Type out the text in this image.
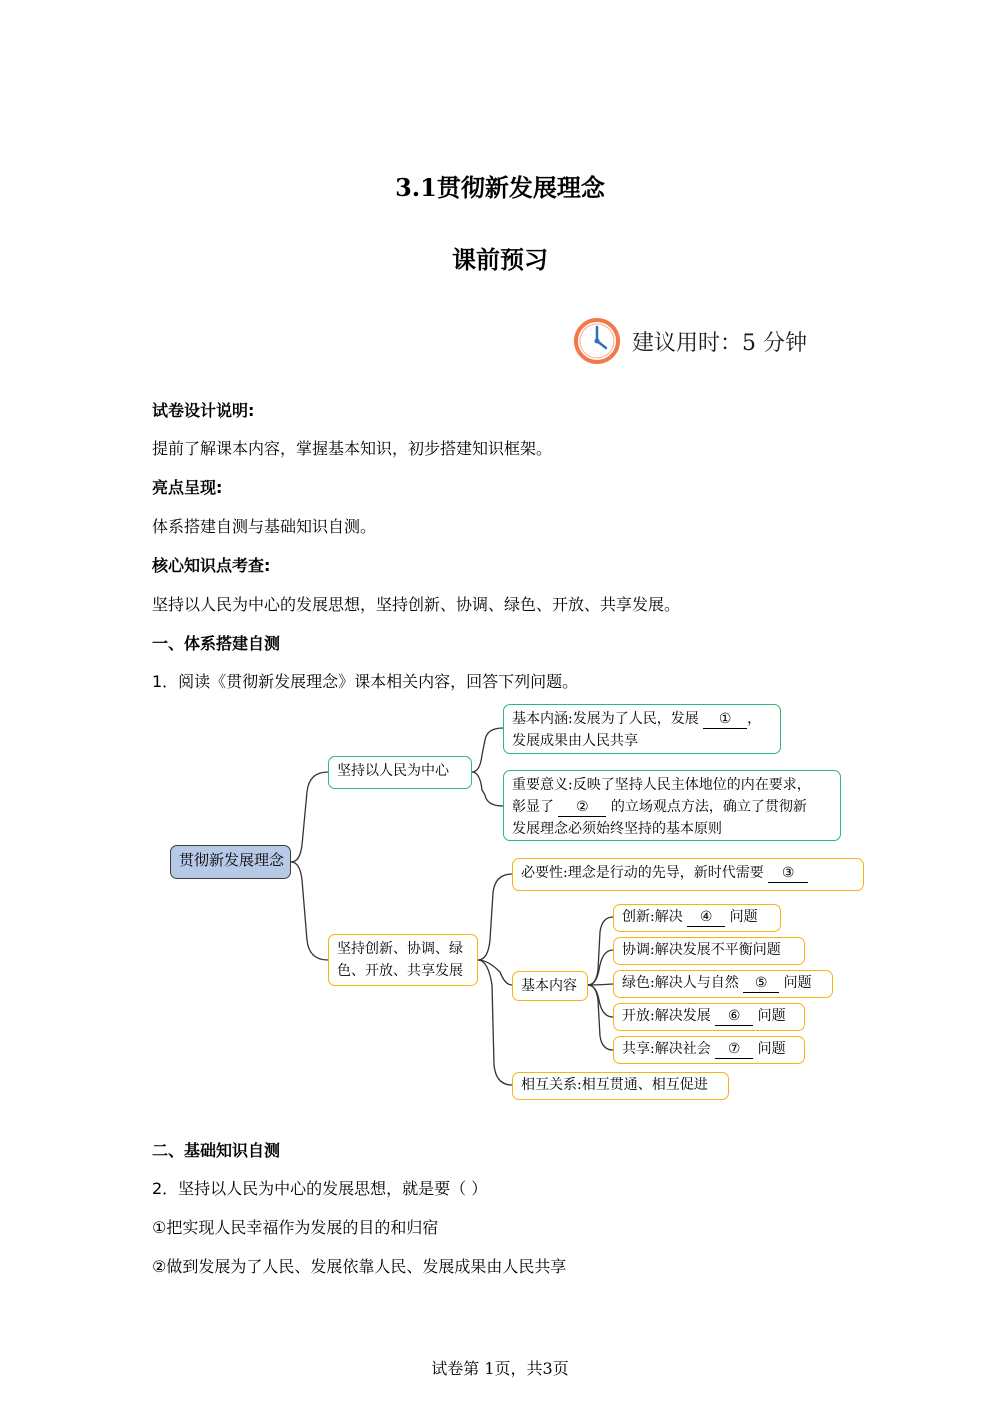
3.1贯彻新发展理念
课前预习
建议用时：5 分钟
试卷设计说明:
提前了解课本内容，掌握基本知识，初步搭建知识框架。
亮点呈现:
体系搭建自测与基础知识自测。
核心知识点考查:
坚持以人民为中心的发展思想，坚持创新、协调、绿色、开放、共享发展。
一、体系搭建自测
1．阅读《贯彻新发展理念》课本相关内容，回答下列问题。
贯彻新发展理念
坚持以人民为中心
基本内涵:发展为了人民，发展 ① ，
发展成果由人民共享
重要意义:反映了坚持人民主体地位的内在要求，
彰显了 ② 的立场观点方法，确立了贯彻新
发展理念必须始终坚持的基本原则
坚持创新、协调、绿
色、开放、共享发展
必要性:理念是行动的先导，新时代需要 ③
基本内容
创新:解决 ④ 问题
协调:解决发展不平衡问题
绿色:解决人与自然 ⑤ 问题
开放:解决发展 ⑥ 问题
共享:解决社会 ⑦ 问题
相互关系:相互贯通、相互促进
二、基础知识自测
2．坚持以人民为中心的发展思想，就是要（ ）
①把实现人民幸福作为发展的目的和归宿
②做到发展为了人民、发展依靠人民、发展成果由人民共享
试卷第 1页，共3页
